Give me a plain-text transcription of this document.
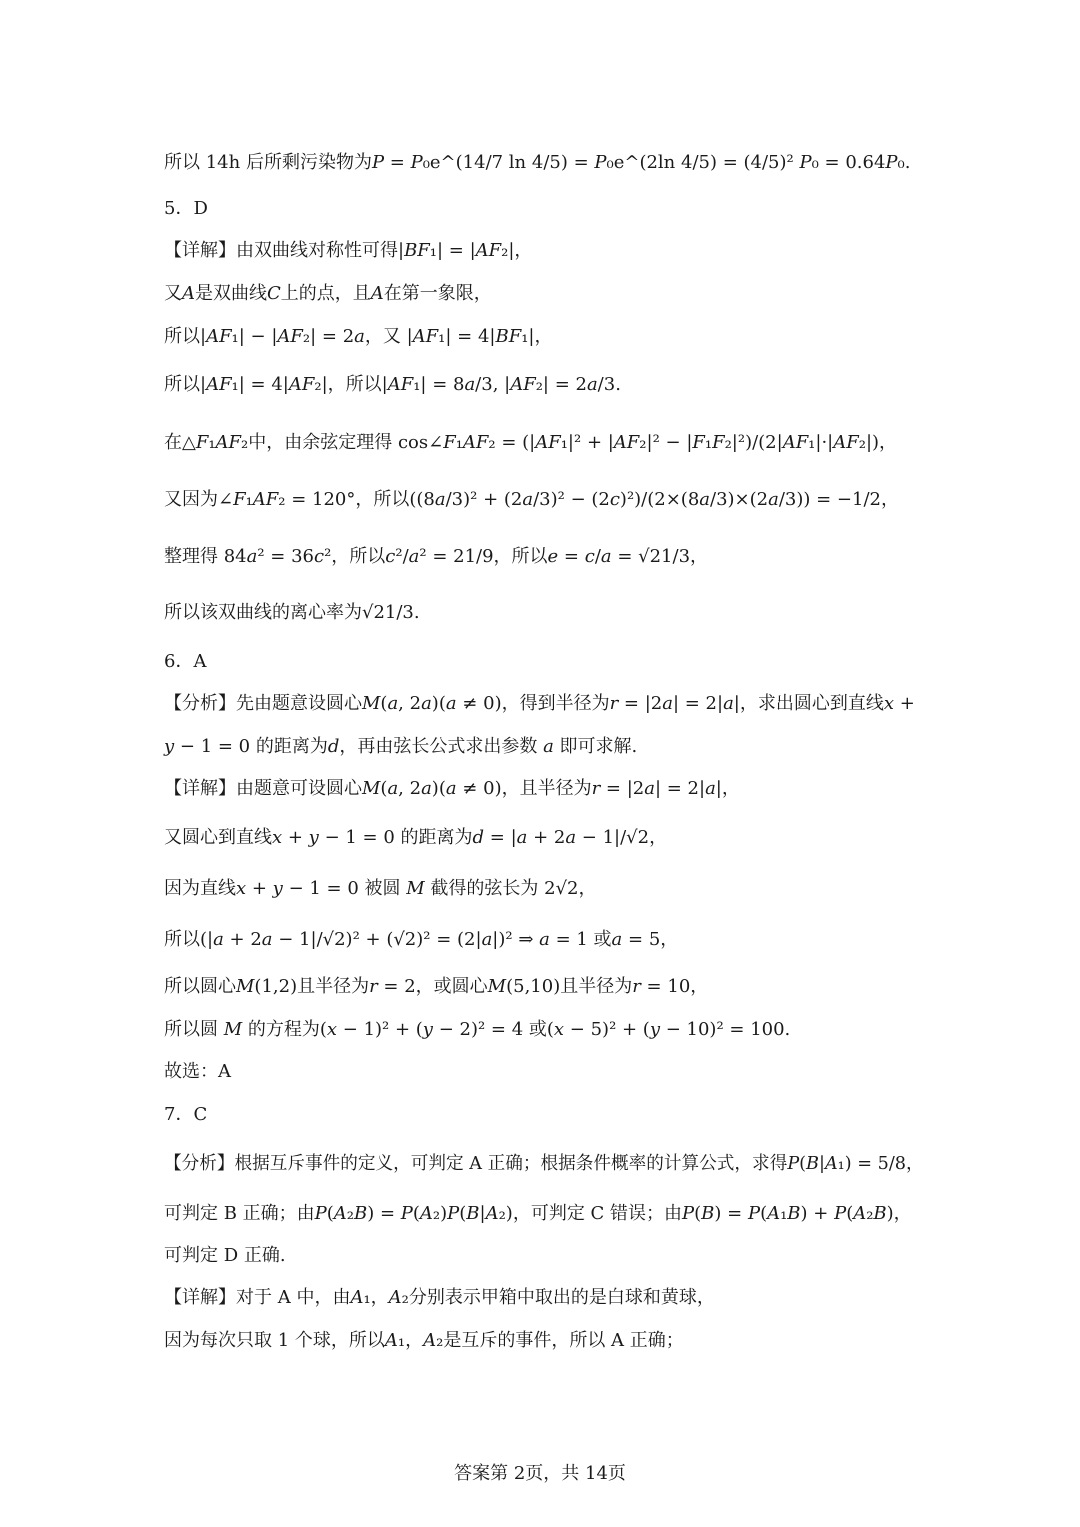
所以 14h 后所剩污染物为𝑃 = 𝑃₀e^(14/7 ln 4/5) = 𝑃₀e^(2ln 4/5) = (4/5)² 𝑃₀ = 0.64𝑃₀.
5．D
【详解】由双曲线对称性可得|𝐵𝐹₁| = |𝐴𝐹₂|，
又𝐴是双曲线𝐶上的点，且𝐴在第一象限，
所以|𝐴𝐹₁| − |𝐴𝐹₂| = 2𝑎，又 |𝐴𝐹₁| = 4|𝐵𝐹₁|，
所以|𝐴𝐹₁| = 4|𝐴𝐹₂|，所以|𝐴𝐹₁| = 8𝑎/3, |𝐴𝐹₂| = 2𝑎/3.
在△𝐹₁𝐴𝐹₂中，由余弦定理得 cos∠𝐹₁𝐴𝐹₂ = (|𝐴𝐹₁|² + |𝐴𝐹₂|² − |𝐹₁𝐹₂|²)/(2|𝐴𝐹₁|·|𝐴𝐹₂|)，
又因为∠𝐹₁𝐴𝐹₂ = 120°，所以((8𝑎/3)² + (2𝑎/3)² − (2𝑐)²)/(2×(8𝑎/3)×(2𝑎/3)) = −1/2，
整理得 84𝑎² = 36𝑐²，所以𝑐²/𝑎² = 21/9，所以𝑒 = 𝑐/𝑎 = √21/3，
所以该双曲线的离心率为√21/3.
6．A
【分析】先由题意设圆心𝑀(𝑎, 2𝑎)(𝑎 ≠ 0)，得到半径为𝑟 = |2𝑎| = 2|𝑎|，求出圆心到直线𝑥 +
𝑦 − 1 = 0 的距离为𝑑，再由弦长公式求出参数 𝑎 即可求解.
【详解】由题意可设圆心𝑀(𝑎, 2𝑎)(𝑎 ≠ 0)，且半径为𝑟 = |2𝑎| = 2|𝑎|，
又圆心到直线𝑥 + 𝑦 − 1 = 0 的距离为𝑑 = |𝑎 + 2𝑎 − 1|/√2，
因为直线𝑥 + 𝑦 − 1 = 0 被圆 𝑀 截得的弦长为 2√2，
所以(|𝑎 + 2𝑎 − 1|/√2)² + (√2)² = (2|𝑎|)² ⇒ 𝑎 = 1 或𝑎 = 5，
所以圆心𝑀(1,2)且半径为𝑟 = 2，或圆心𝑀(5,10)且半径为𝑟 = 10，
所以圆 𝑀 的方程为(𝑥 − 1)² + (𝑦 − 2)² = 4 或(𝑥 − 5)² + (𝑦 − 10)² = 100.
故选：A
7．C
【分析】根据互斥事件的定义，可判定 A 正确；根据条件概率的计算公式，求得𝑃(𝐵|𝐴₁) = 5/8，
可判定 B 正确；由𝑃(𝐴₂𝐵) = 𝑃(𝐴₂)𝑃(𝐵|𝐴₂)，可判定 C 错误；由𝑃(𝐵) = 𝑃(𝐴₁𝐵) + 𝑃(𝐴₂𝐵)，
可判定 D 正确.
【详解】对于 A 中，由𝐴₁，𝐴₂分别表示甲箱中取出的是白球和黄球，
因为每次只取 1 个球，所以𝐴₁，𝐴₂是互斥的事件，所以 A 正确；
答案第 2页，共 14页
